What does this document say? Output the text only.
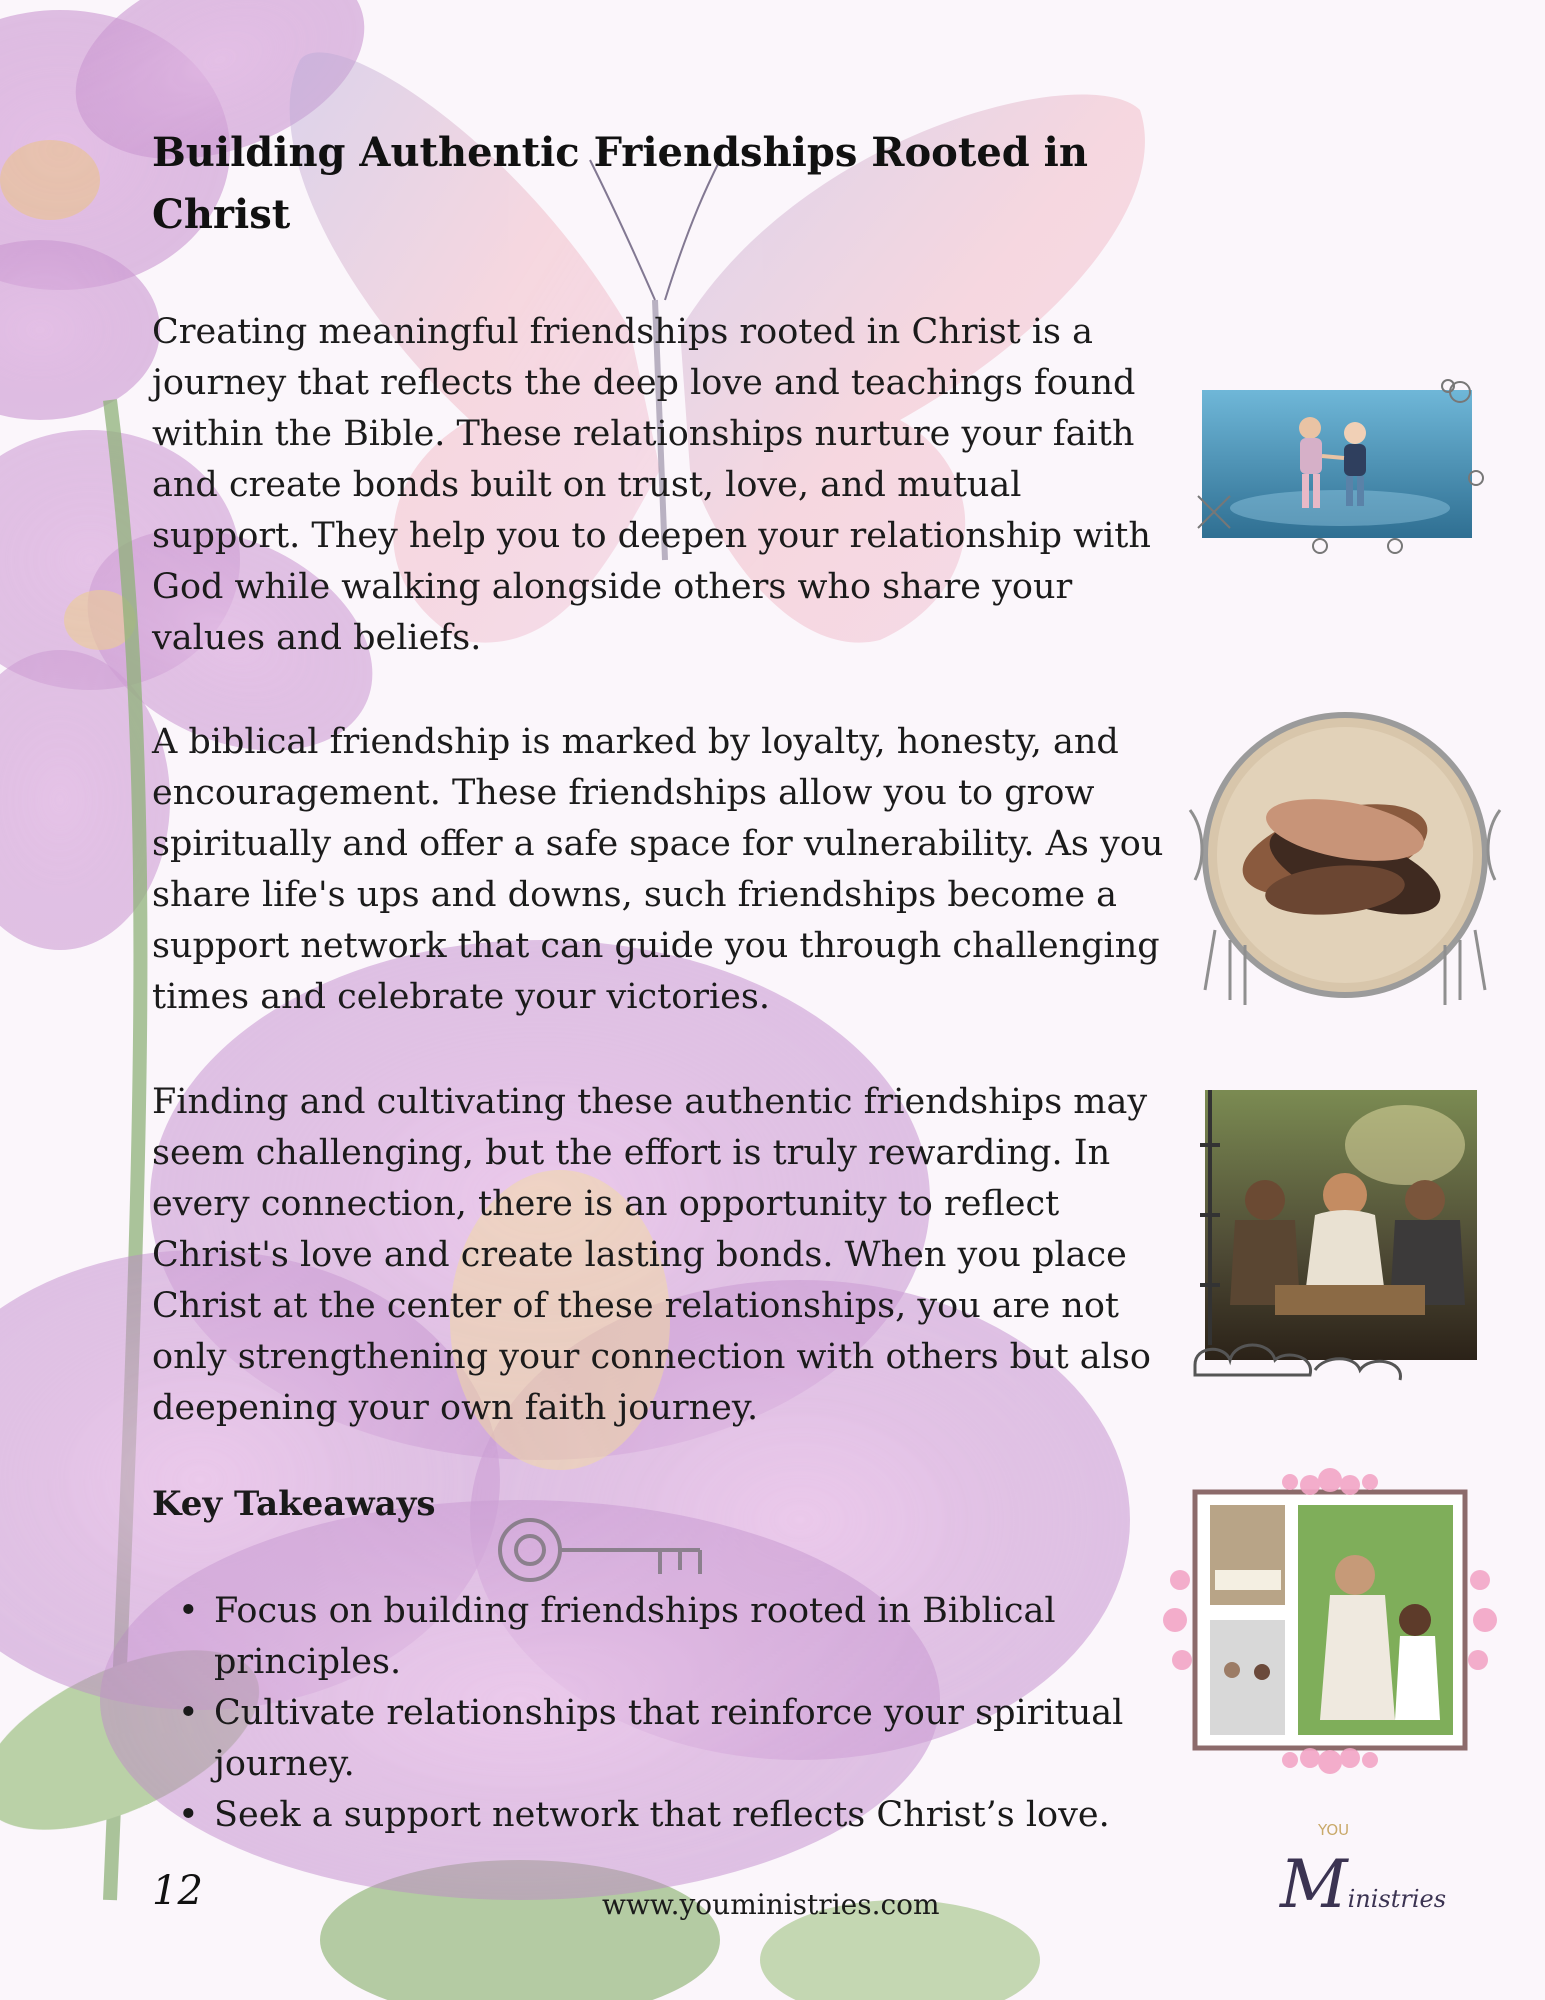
Building Authentic Friendships Rooted in Christ

Creating meaningful friendships rooted in Christ is a journey that reflects the deep love and teachings found within the Bible. These relationships nurture your faith and create bonds built on trust, love, and mutual support. They help you to deepen your relationship with God while walking alongside others who share your values and beliefs.

A biblical friendship is marked by loyalty, honesty, and encouragement. These friendships allow you to grow spiritually and offer a safe space for vulnerability. As you share life's ups and downs, such friendships become a support network that can guide you through challenging times and celebrate your victories.

Finding and cultivating these authentic friendships may seem challenging, but the effort is truly rewarding. In every connection, there is an opportunity to reflect Christ's love and create lasting bonds. When you place Christ at the center of these relationships, you are not only strengthening your connection with others but also deepening your own faith journey.

Key Takeaways
• Focus on building friendships rooted in Biblical principles.
• Cultivate relationships that reinforce your spiritual journey.
• Seek a support network that reflects Christ’s love.
12	www.youministries.com
YOU
Ministries
